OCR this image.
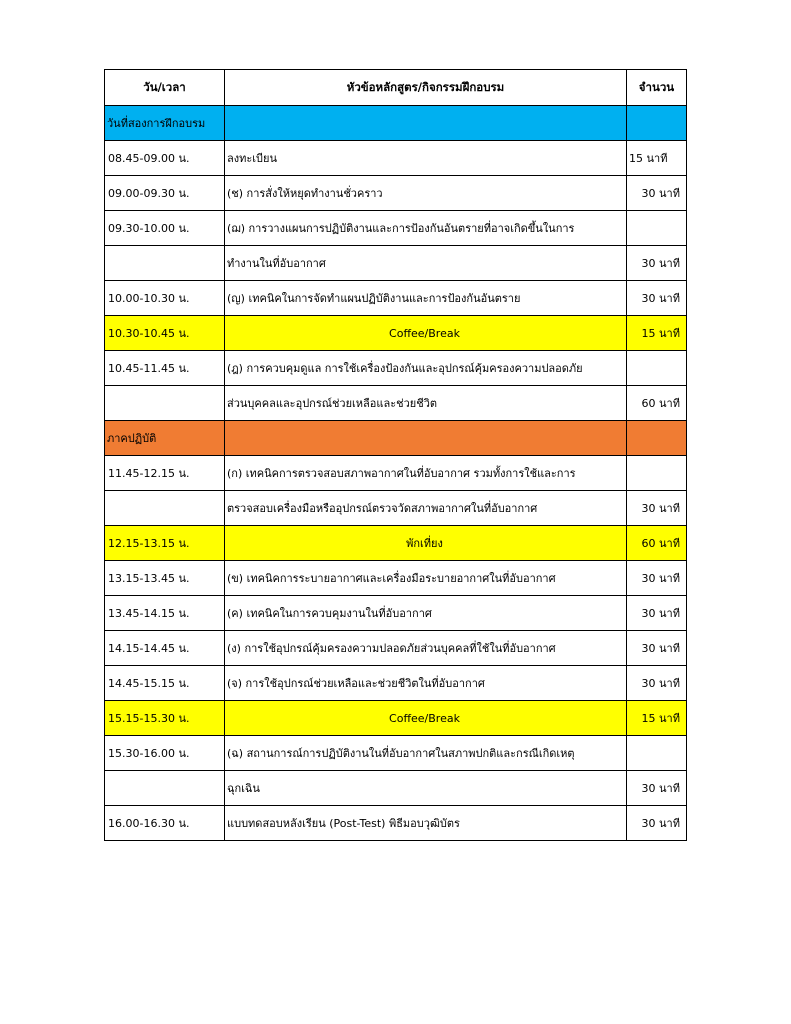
วัน/เวลา	หัวข้อหลักสูตร/กิจกรรมฝึกอบรม	จำนวน
วันที่สองการฝึกอบรม		
08.45-09.00 น.	ลงทะเบียน	15 นาที
09.00-09.30 น.	(ช) การสั่งให้หยุดทำงานชั่วคราว	30 นาที
09.30-10.00 น.	(ฌ) การวางแผนการปฏิบัติงานและการป้องกันอันตรายที่อาจเกิดขึ้นในการ	
	ทำงานในที่อับอากาศ	30 นาที
10.00-10.30 น.	(ญ) เทคนิคในการจัดทำแผนปฏิบัติงานและการป้องกันอันตราย	30 นาที
10.30-10.45 น.	Coffee/Break	15 นาที
10.45-11.45 น.	(ฎ) การควบคุมดูแล การใช้เครื่องป้องกันและอุปกรณ์คุ้มครองความปลอดภัย	
	ส่วนบุคคลและอุปกรณ์ช่วยเหลือและช่วยชีวิต	60 นาที
ภาคปฏิบัติ		
11.45-12.15 น.	(ก) เทคนิคการตรวจสอบสภาพอากาศในที่อับอากาศ รวมทั้งการใช้และการ	
	ตรวจสอบเครื่องมือหรืออุปกรณ์ตรวจวัดสภาพอากาศในที่อับอากาศ	30 นาที
12.15-13.15 น.	พักเที่ยง	60 นาที
13.15-13.45 น.	(ข) เทคนิคการระบายอากาศและเครื่องมือระบายอากาศในที่อับอากาศ	30 นาที
13.45-14.15 น.	(ค) เทคนิคในการควบคุมงานในที่อับอากาศ	30 นาที
14.15-14.45 น.	(ง) การใช้อุปกรณ์คุ้มครองความปลอดภัยส่วนบุคคลที่ใช้ในที่อับอากาศ	30 นาที
14.45-15.15 น.	(จ) การใช้อุปกรณ์ช่วยเหลือและช่วยชีวิตในที่อับอากาศ	30 นาที
15.15-15.30 น.	Coffee/Break	15 นาที
15.30-16.00 น.	(ฉ) สถานการณ์การปฏิบัติงานในที่อับอากาศในสภาพปกติและกรณีเกิดเหตุ	
	ฉุกเฉิน	30 นาที
16.00-16.30 น.	แบบทดสอบหลังเรียน (Post-Test) พิธีมอบวุฒิบัตร	30 นาที
